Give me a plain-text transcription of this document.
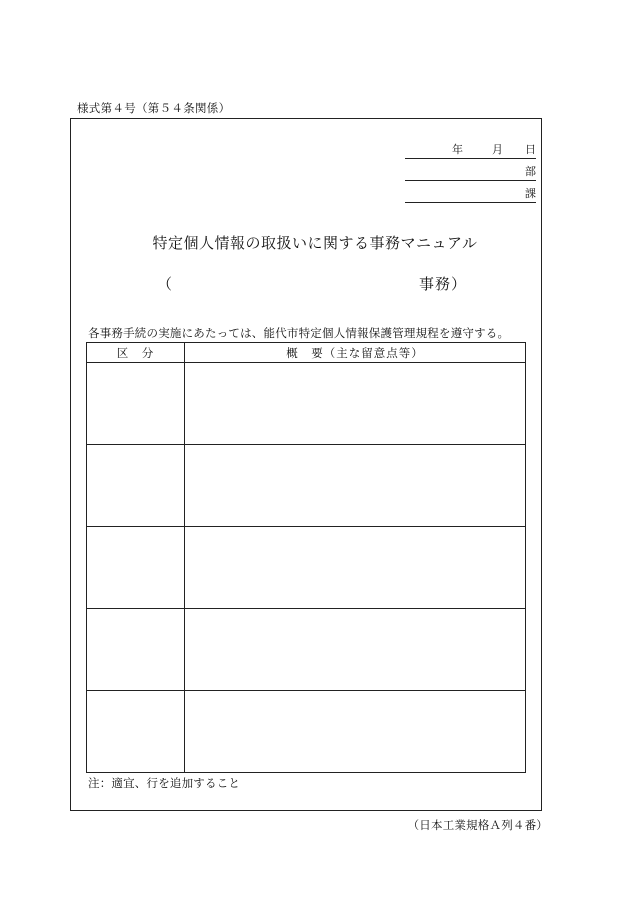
様式第４号（第５４条関係）
年	月 日
部
課
特定個人情報の取扱いに関する事務マニュアル
（	事務）
各事務手続の実施にあたっては、能代市特定個人情報保護管理規程を遵守する。
区　分	概　要（主な留意点等）

注：適宜、行を追加すること
（日本工業規格Ａ列４番）
